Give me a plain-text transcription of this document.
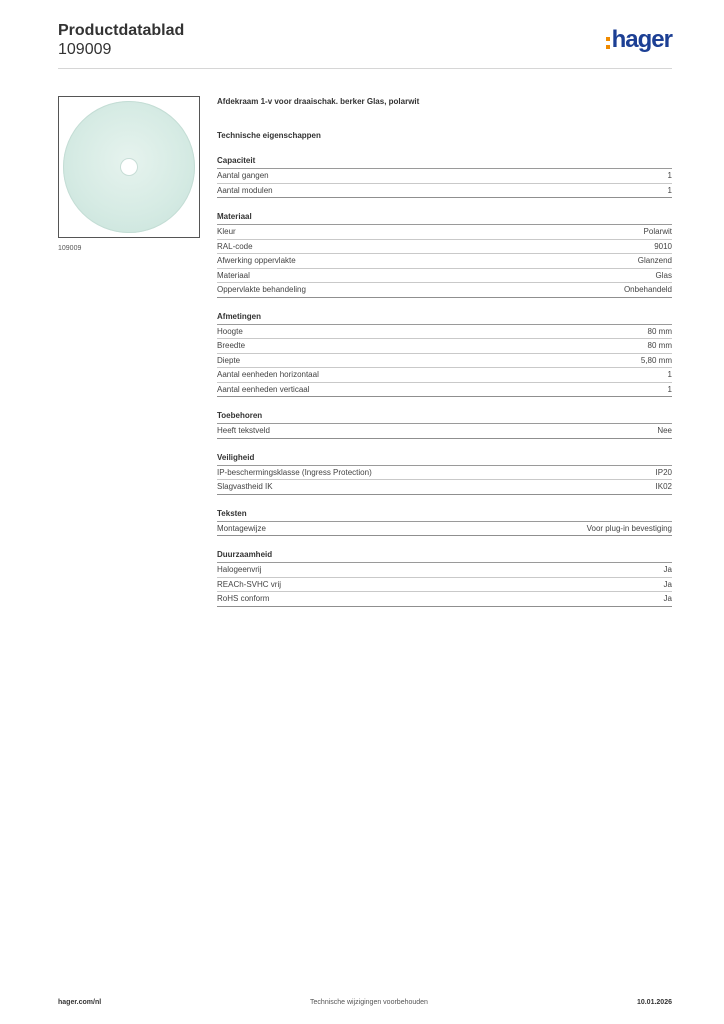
Productdatablad
109009	hager
109009
Afdekraam 1-v voor draaischak. berker Glas, polarwit
Technische eigenschappen
Capaciteit
Aantal gangen	1
Aantal modulen	1
Materiaal
Kleur	Polarwit
RAL-code	9010
Afwerking oppervlakte	Glanzend
Materiaal	Glas
Oppervlakte behandeling	Onbehandeld
Afmetingen
Hoogte	80 mm
Breedte	80 mm
Diepte	5,80 mm
Aantal eenheden horizontaal	1
Aantal eenheden verticaal	1
Toebehoren
Heeft tekstveld	Nee
Veiligheid
IP-beschermingsklasse (Ingress Protection)	IP20
Slagvastheid IK	IK02
Teksten
Montagewijze	Voor plug-in bevestiging
Duurzaamheid
Halogeenvrij	Ja
REACh-SVHC vrij	Ja
RoHS conform	Ja
hager.com/nl	Technische wijzigingen voorbehouden	10.01.2026
